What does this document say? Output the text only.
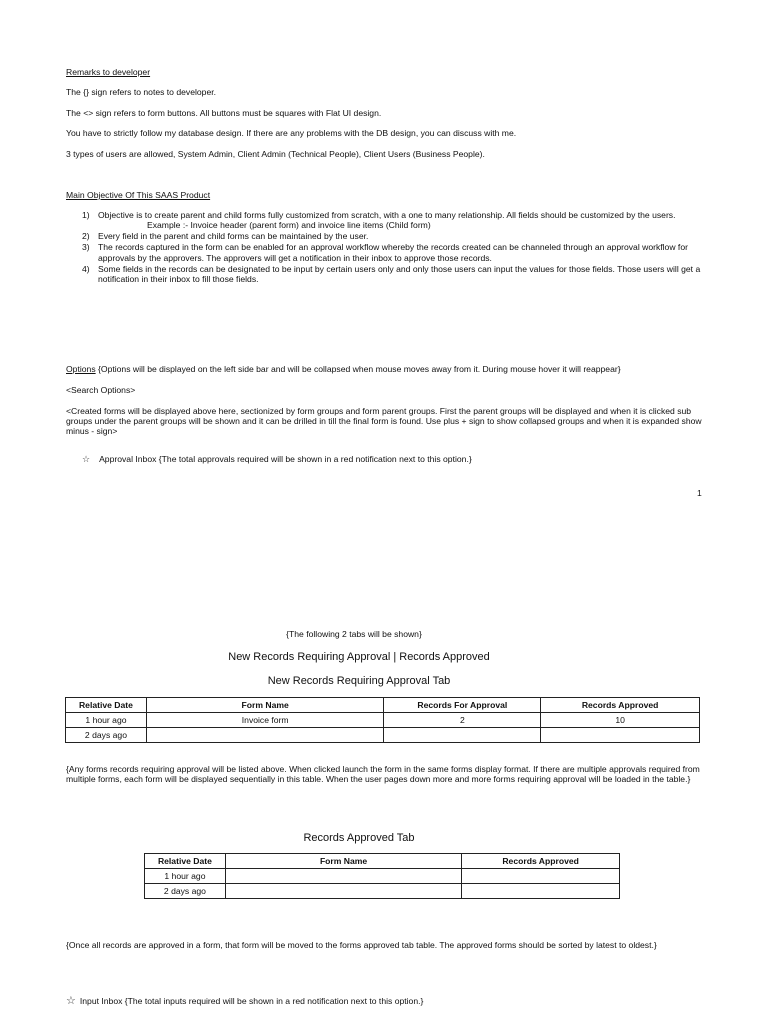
Remarks to developer
The {} sign refers to notes to developer.
The <> sign refers to form buttons. All buttons must be squares with Flat UI design.
You have to strictly follow my database design. If there are any problems with the DB design, you can discuss with me.
3 types of users are allowed, System Admin, Client Admin (Technical People), Client Users (Business People).
Main Objective Of This SAAS Product
1) Objective is to create parent and child forms fully customized from scratch, with a one to many relationship. All fields should be customized by the users.
Example :- Invoice header (parent form) and invoice line items (Child form)
2) Every field in the parent and child forms can be maintained by the user.
3) The records captured in the form can be enabled for an approval workflow whereby the records created can be channeled through an approval workflow for approvals by the approvers. The approvers will get a notification in their inbox to approve those records.
4) Some fields in the records can be designated to be input by certain users only and only those users can input the values for those fields. Those users will get a notification in their inbox to fill those fields.
Options {Options will be displayed on the left side bar and will be collapsed when mouse moves away from it. During mouse hover it will reappear}
<Search Options>
<Created forms will be displayed above here, sectionized by form groups and form parent groups. First the parent groups will be displayed and when it is clicked sub groups under the parent groups will be shown and it can be drilled in till the final form is found. Use plus + sign to show collapsed groups and when it is expanded show minus - sign>
☆ Approval Inbox {The total approvals required will be shown in a red notification next to this option.}
1
{The following 2 tabs will be shown}
New Records Requiring Approval | Records Approved
New Records Requiring Approval Tab
Relative Date	Form Name	Records For Approval	Records Approved
1 hour ago	Invoice form	2	10
2 days ago			
{Any forms records requiring approval will be listed above. When clicked launch the form in the same forms display format. If there are multiple approvals required from multiple forms, each form will be displayed sequentially in this table. When the user pages down more and more forms requiring approval will be loaded in the table.}
Records Approved Tab
Relative Date	Form Name	Records Approved
1 hour ago		
2 days ago		
{Once all records are approved in a form, that form will be moved to the forms approved tab table. The approved forms should be sorted by latest to oldest.}
☆ Input Inbox {The total inputs required will be shown in a red notification next to this option.}
